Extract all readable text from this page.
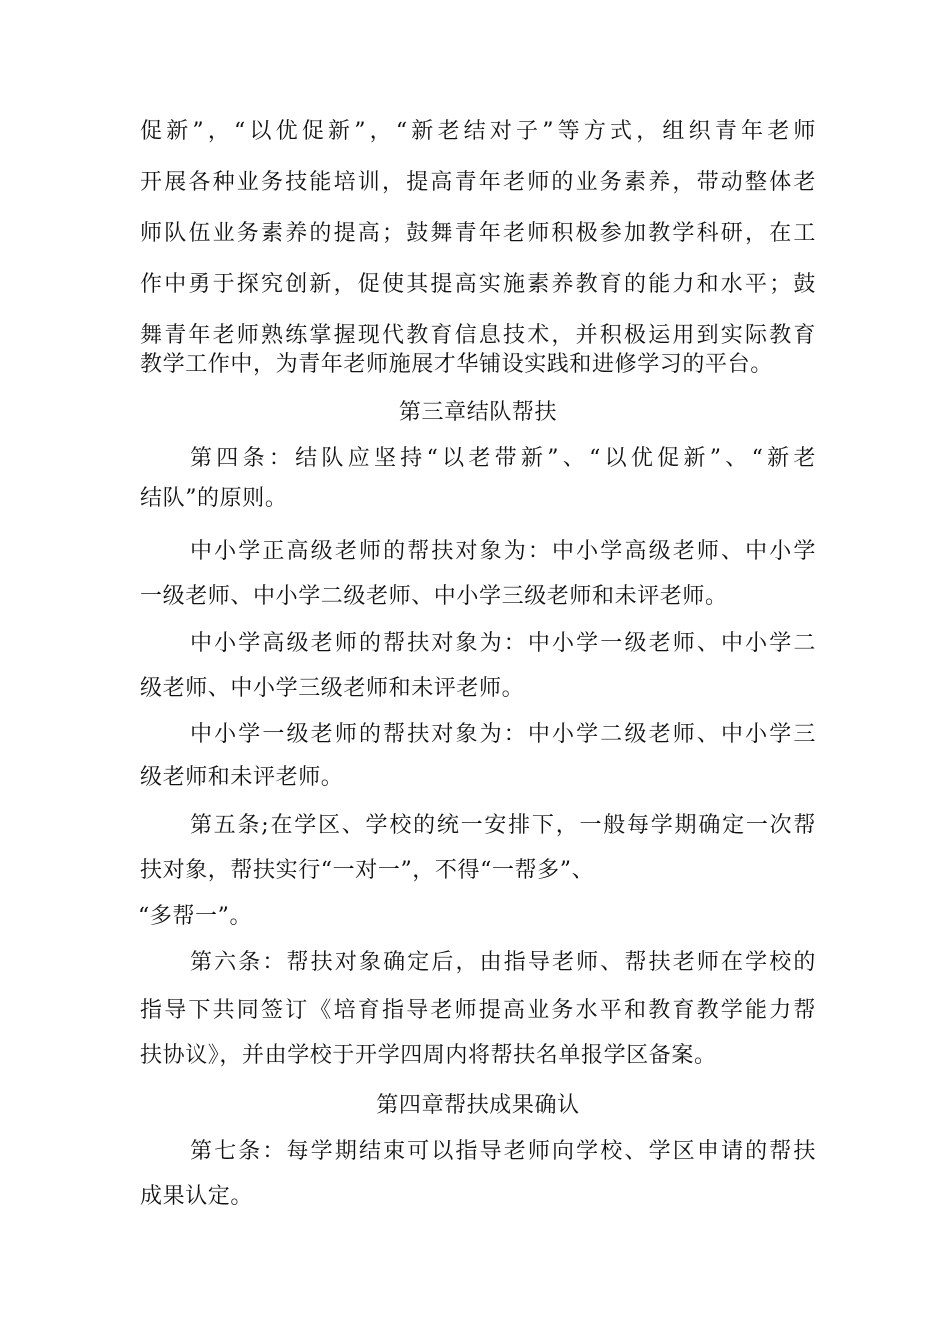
促新”，“以优促新”，“新老结对子”等方式，组织青年老师
开展各种业务技能培训，提高青年老师的业务素养，带动整体老
师队伍业务素养的提高；鼓舞青年老师积极参加教学科研，在工
作中勇于探究创新，促使其提高实施素养教育的能力和水平；鼓
舞青年老师熟练掌握现代教育信息技术，并积极运用到实际教育
教学工作中，为青年老师施展才华铺设实践和进修学习的平台。
第三章结队帮扶
第四条：结队应坚持“以老带新”、“以优促新”、“新老
结队”的原则。
中小学正高级老师的帮扶对象为：中小学高级老师、中小学
一级老师、中小学二级老师、中小学三级老师和未评老师。
中小学高级老师的帮扶对象为：中小学一级老师、中小学二
级老师、中小学三级老师和未评老师。
中小学一级老师的帮扶对象为：中小学二级老师、中小学三
级老师和未评老师。
第五条;在学区、学校的统一安排下，一般每学期确定一次帮
扶对象，帮扶实行“一对一”，不得“一帮多”、
“多帮一”。
第六条：帮扶对象确定后，由指导老师、帮扶老师在学校的
指导下共同签订《培育指导老师提高业务水平和教育教学能力帮
扶协议》，并由学校于开学四周内将帮扶名单报学区备案。
第四章帮扶成果确认
第七条：每学期结束可以指导老师向学校、学区申请的帮扶
成果认定。
